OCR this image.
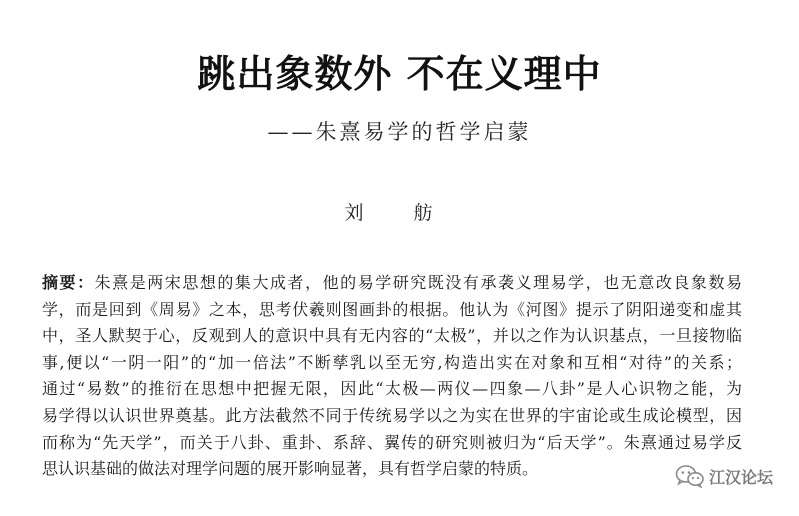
跳出象数外 不在义理中
——朱熹易学的哲学启蒙
刘 舫
摘要：朱熹是两宋思想的集大成者，他的易学研究既没有承袭义理易学，也无意改良象数易
学，而是回到《周易》之本，思考伏羲则图画卦的根据。他认为《河图》提示了阴阳递变和虚其
中，圣人默契于心，反观到人的意识中具有无内容的“太极”，并以之作为认识基点，一旦接物临
事,便以“一阴一阳”的“加一倍法”不断孳乳以至无穷,构造出实在对象和互相“对待”的关系；
通过“易数”的推衍在思想中把握无限，因此“太极—两仪—四象—八卦”是人心识物之能，为
易学得以认识世界奠基。此方法截然不同于传统易学以之为实在世界的宇宙论或生成论模型，因
而称为“先天学”，而关于八卦、重卦、系辞、翼传的研究则被归为“后天学”。朱熹通过易学反
思认识基础的做法对理学问题的展开影响显著，具有哲学启蒙的特质。	江汉论坛
